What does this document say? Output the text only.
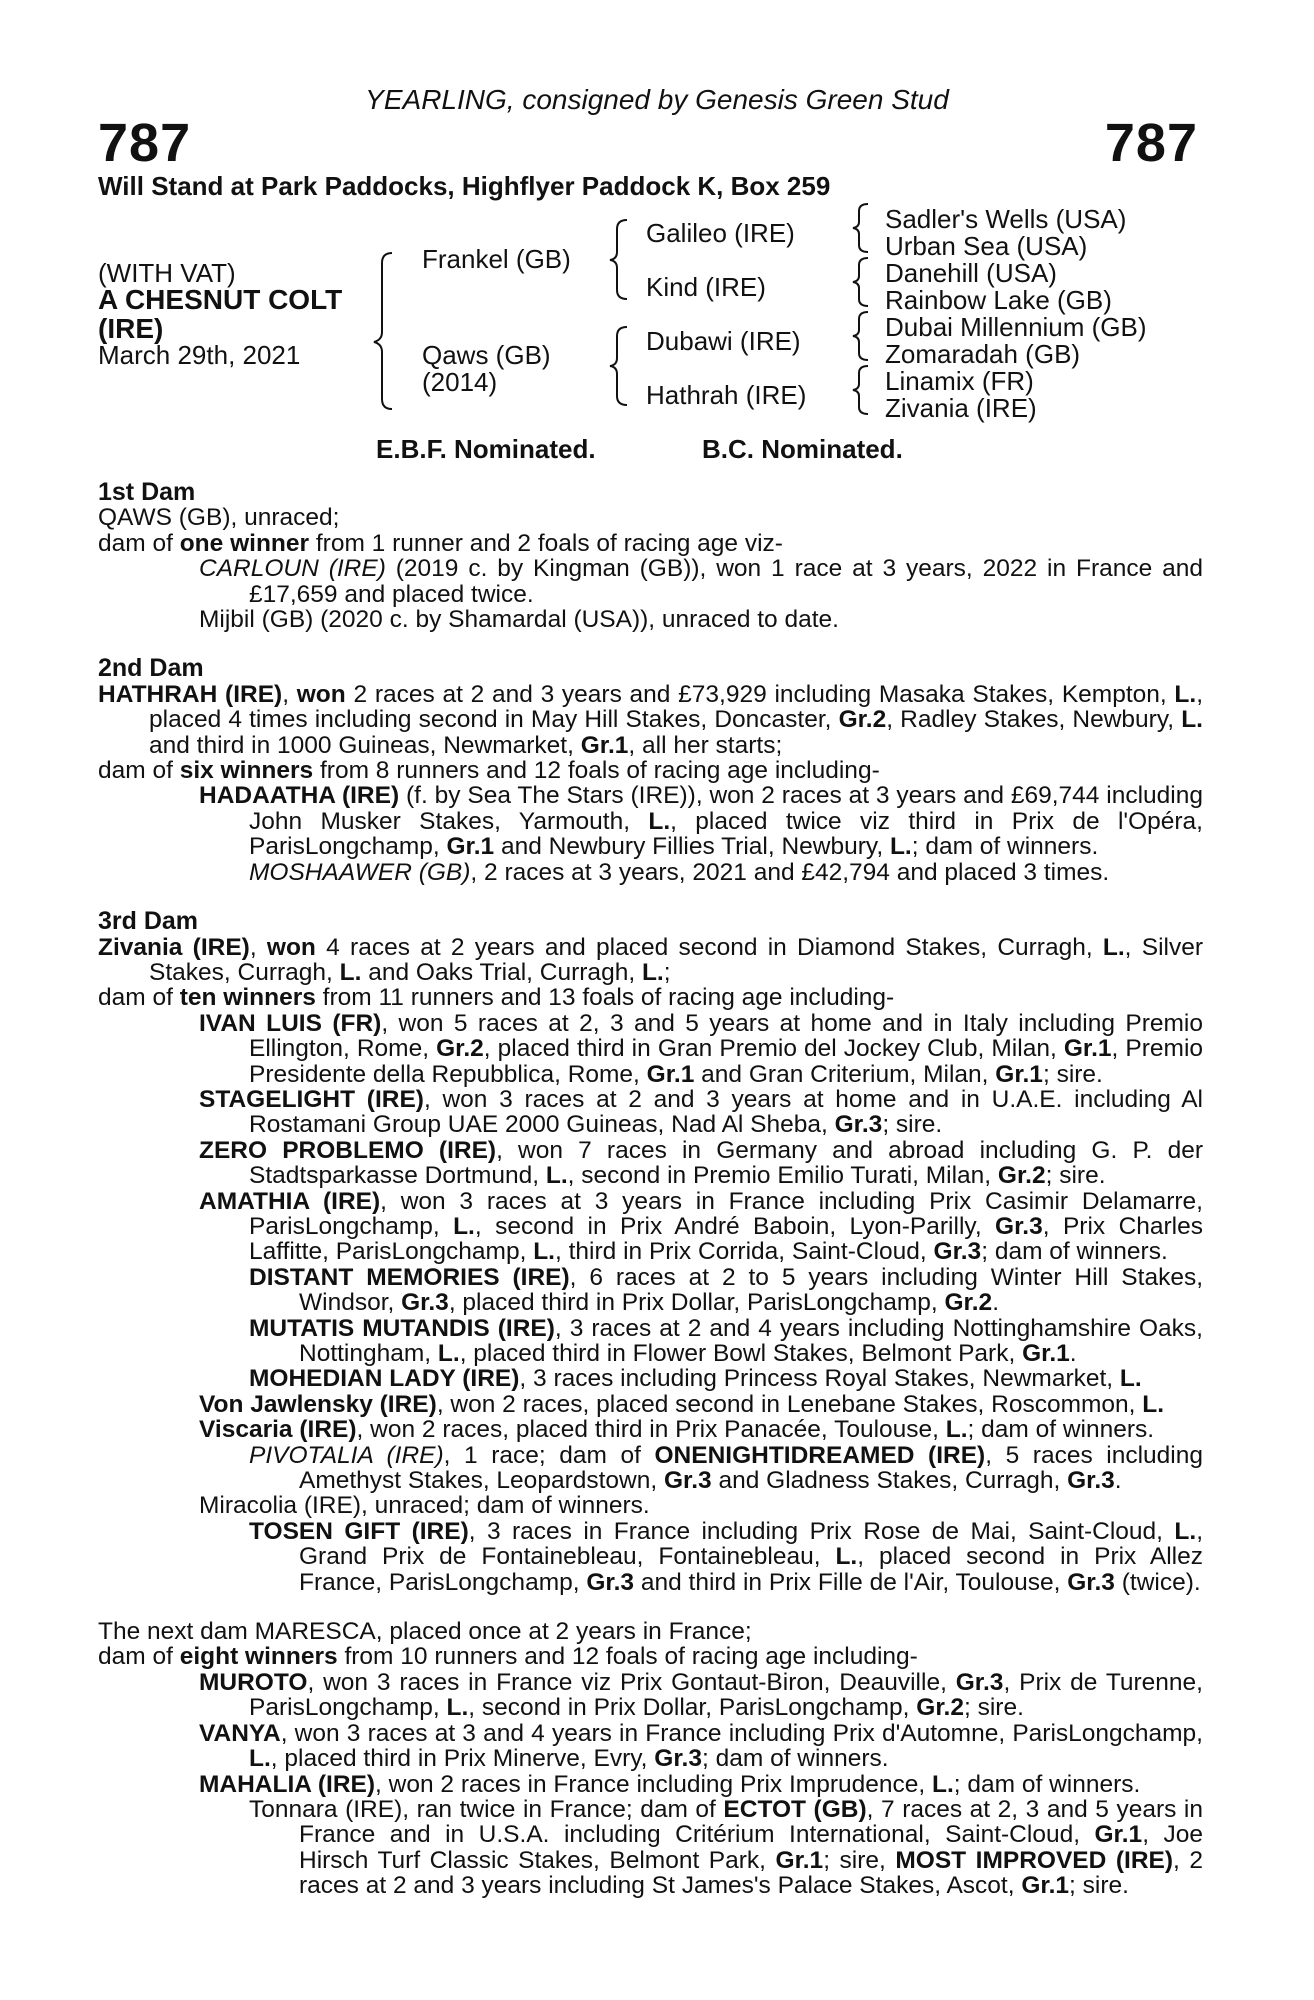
YEARLING, consigned by Genesis Green Stud
787	787
Will Stand at Park Paddocks, Highflyer Paddock K, Box 259
(WITH VAT)
A CHESNUT COLT
(IRE)
March 29th, 2021
Frankel (GB)
Qaws (GB)
(2014)
Galileo (IRE)
Kind (IRE)
Dubawi (IRE)
Hathrah (IRE)
Sadler's Wells (USA)
Urban Sea (USA)
Danehill (USA)
Rainbow Lake (GB)
Dubai Millennium (GB)
Zomaradah (GB)
Linamix (FR)
Zivania (IRE)
E.B.F. Nominated.	B.C. Nominated.

1st Dam

QAWS (GB), unraced;

dam of one winner from 1 runner and 2 foals of racing age viz-

CARLOUN (IRE) (2019 c. by Kingman (GB)), won 1 race at 3 years, 2022 in France and £17,659 and placed twice.

Mijbil (GB) (2020 c. by Shamardal (USA)), unraced to date.

2nd Dam

HATHRAH (IRE), won 2 races at 2 and 3 years and £73,929 including Masaka Stakes, Kempton, L., placed 4 times including second in May Hill Stakes, Doncaster, Gr.2, Radley Stakes, Newbury, L. and third in 1000 Guineas, Newmarket, Gr.1, all her starts;

dam of six winners from 8 runners and 12 foals of racing age including-

HADAATHA (IRE) (f. by Sea The Stars (IRE)), won 2 races at 3 years and £69,744 including John Musker Stakes, Yarmouth, L., placed twice viz third in Prix de l'Opéra, ParisLongchamp, Gr.1 and Newbury Fillies Trial, Newbury, L.; dam of winners.

MOSHAAWER (GB), 2 races at 3 years, 2021 and £42,794 and placed 3 times.

3rd Dam

Zivania (IRE), won 4 races at 2 years and placed second in Diamond Stakes, Curragh, L., Silver Stakes, Curragh, L. and Oaks Trial, Curragh, L.;

dam of ten winners from 11 runners and 13 foals of racing age including-

IVAN LUIS (FR), won 5 races at 2, 3 and 5 years at home and in Italy including Premio Ellington, Rome, Gr.2, placed third in Gran Premio del Jockey Club, Milan, Gr.1, Premio Presidente della Repubblica, Rome, Gr.1 and Gran Criterium, Milan, Gr.1; sire.

STAGELIGHT (IRE), won 3 races at 2 and 3 years at home and in U.A.E. including Al Rostamani Group UAE 2000 Guineas, Nad Al Sheba, Gr.3; sire.

ZERO PROBLEMO (IRE), won 7 races in Germany and abroad including G. P. der Stadtsparkasse Dortmund, L., second in Premio Emilio Turati, Milan, Gr.2; sire.

AMATHIA (IRE), won 3 races at 3 years in France including Prix Casimir Delamarre, ParisLongchamp, L., second in Prix André Baboin, Lyon-Parilly, Gr.3, Prix Charles Laffitte, ParisLongchamp, L., third in Prix Corrida, Saint-Cloud, Gr.3; dam of winners.

DISTANT MEMORIES (IRE), 6 races at 2 to 5 years including Winter Hill Stakes, Windsor, Gr.3, placed third in Prix Dollar, ParisLongchamp, Gr.2.

MUTATIS MUTANDIS (IRE), 3 races at 2 and 4 years including Nottinghamshire Oaks, Nottingham, L., placed third in Flower Bowl Stakes, Belmont Park, Gr.1.

MOHEDIAN LADY (IRE), 3 races including Princess Royal Stakes, Newmarket, L.

Von Jawlensky (IRE), won 2 races, placed second in Lenebane Stakes, Roscommon, L.

Viscaria (IRE), won 2 races, placed third in Prix Panacée, Toulouse, L.; dam of winners.

PIVOTALIA (IRE), 1 race; dam of ONENIGHTIDREAMED (IRE), 5 races including Amethyst Stakes, Leopardstown, Gr.3 and Gladness Stakes, Curragh, Gr.3.

Miracolia (IRE), unraced; dam of winners.

TOSEN GIFT (IRE), 3 races in France including Prix Rose de Mai, Saint-Cloud, L., Grand Prix de Fontainebleau, Fontainebleau, L., placed second in Prix Allez France, ParisLongchamp, Gr.3 and third in Prix Fille de l'Air, Toulouse, Gr.3 (twice).

The next dam MARESCA, placed once at 2 years in France;

dam of eight winners from 10 runners and 12 foals of racing age including-

MUROTO, won 3 races in France viz Prix Gontaut-Biron, Deauville, Gr.3, Prix de Turenne, ParisLongchamp, L., second in Prix Dollar, ParisLongchamp, Gr.2; sire.

VANYA, won 3 races at 3 and 4 years in France including Prix d'Automne, ParisLongchamp, L., placed third in Prix Minerve, Evry, Gr.3; dam of winners.

MAHALIA (IRE), won 2 races in France including Prix Imprudence, L.; dam of winners.

Tonnara (IRE), ran twice in France; dam of ECTOT (GB), 7 races at 2, 3 and 5 years in France and in U.S.A. including Critérium International, Saint-Cloud, Gr.1, Joe Hirsch Turf Classic Stakes, Belmont Park, Gr.1; sire, MOST IMPROVED (IRE), 2 races at 2 and 3 years including St James's Palace Stakes, Ascot, Gr.1; sire.
